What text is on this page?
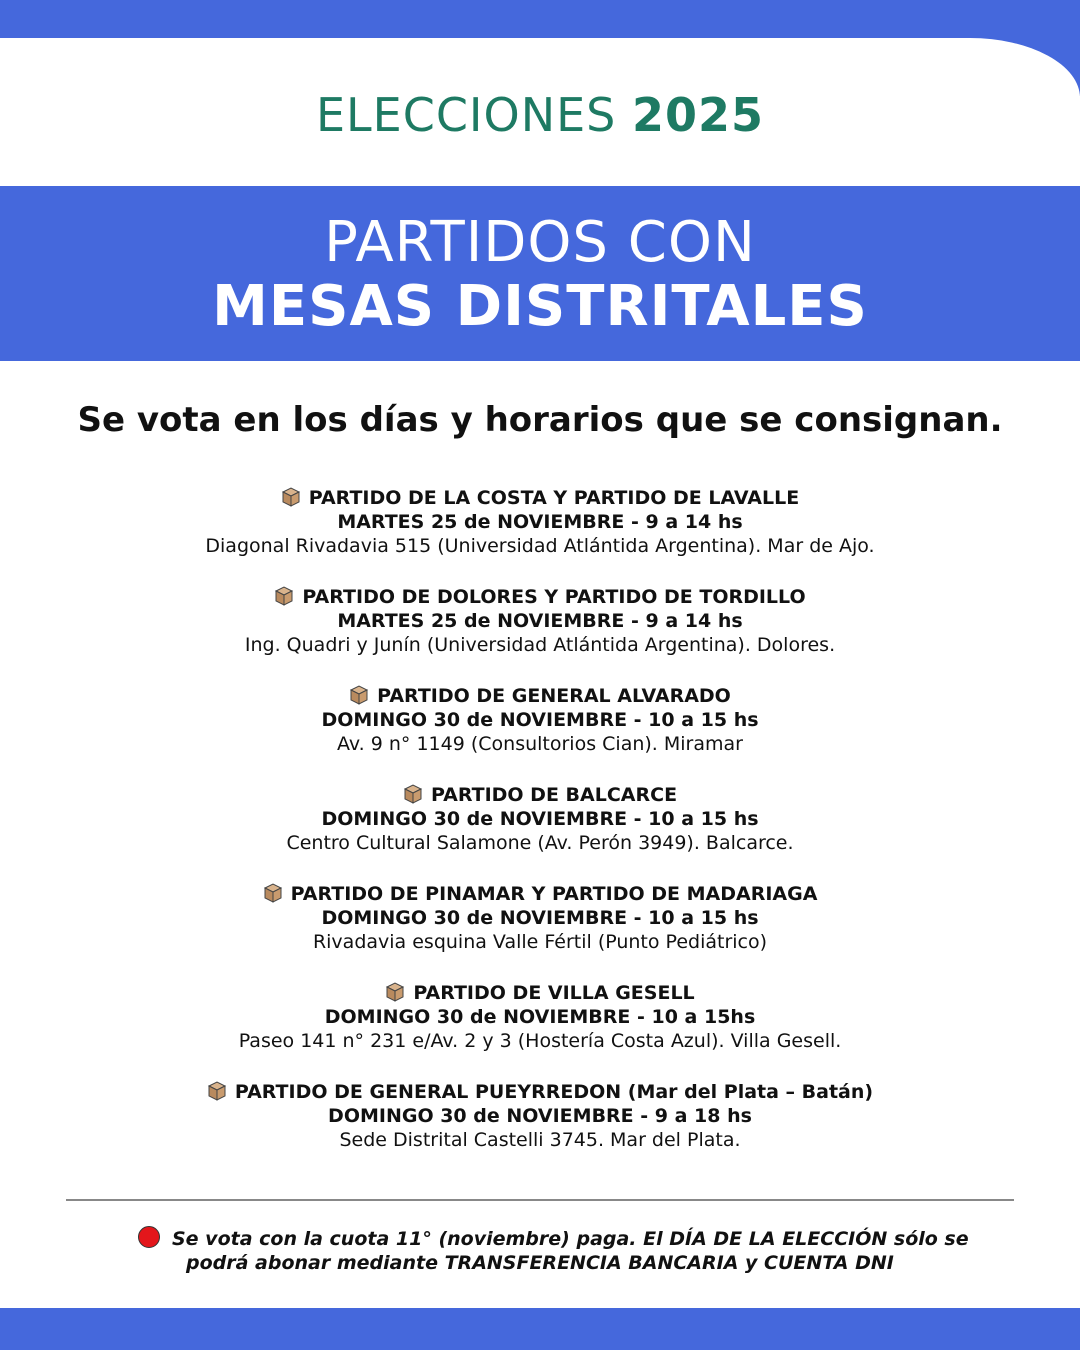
ELECCIONES 2025
PARTIDOS CON
MESAS DISTRITALES
Se vota en los días y horarios que se consignan.
PARTIDO DE LA COSTA Y PARTIDO DE LAVALLE
MARTES 25 de NOVIEMBRE - 9 a 14 hs
Diagonal Rivadavia 515 (Universidad Atlántida Argentina). Mar de Ajo.
PARTIDO DE DOLORES Y PARTIDO DE TORDILLO
MARTES 25 de NOVIEMBRE - 9 a 14 hs
Ing. Quadri y Junín (Universidad Atlántida Argentina). Dolores.
PARTIDO DE GENERAL ALVARADO
DOMINGO 30 de NOVIEMBRE - 10 a 15 hs
Av. 9 n° 1149 (Consultorios Cian). Miramar
PARTIDO DE BALCARCE
DOMINGO 30 de NOVIEMBRE - 10 a 15 hs
Centro Cultural Salamone (Av. Perón 3949). Balcarce.
PARTIDO DE PINAMAR Y PARTIDO DE MADARIAGA
DOMINGO 30 de NOVIEMBRE - 10 a 15 hs
Rivadavia esquina Valle Fértil (Punto Pediátrico)
PARTIDO DE VILLA GESELL
DOMINGO 30 de NOVIEMBRE - 10 a 15hs
Paseo 141 n° 231 e/Av. 2 y 3 (Hostería Costa Azul). Villa Gesell.
PARTIDO DE GENERAL PUEYRREDON (Mar del Plata – Batán)
DOMINGO 30 de NOVIEMBRE - 9 a 18 hs
Sede Distrital Castelli 3745. Mar del Plata.
Se vota con la cuota 11° (noviembre) paga. El DÍA DE LA ELECCIÓN sólo se
podrá abonar mediante TRANSFERENCIA BANCARIA y CUENTA DNI
